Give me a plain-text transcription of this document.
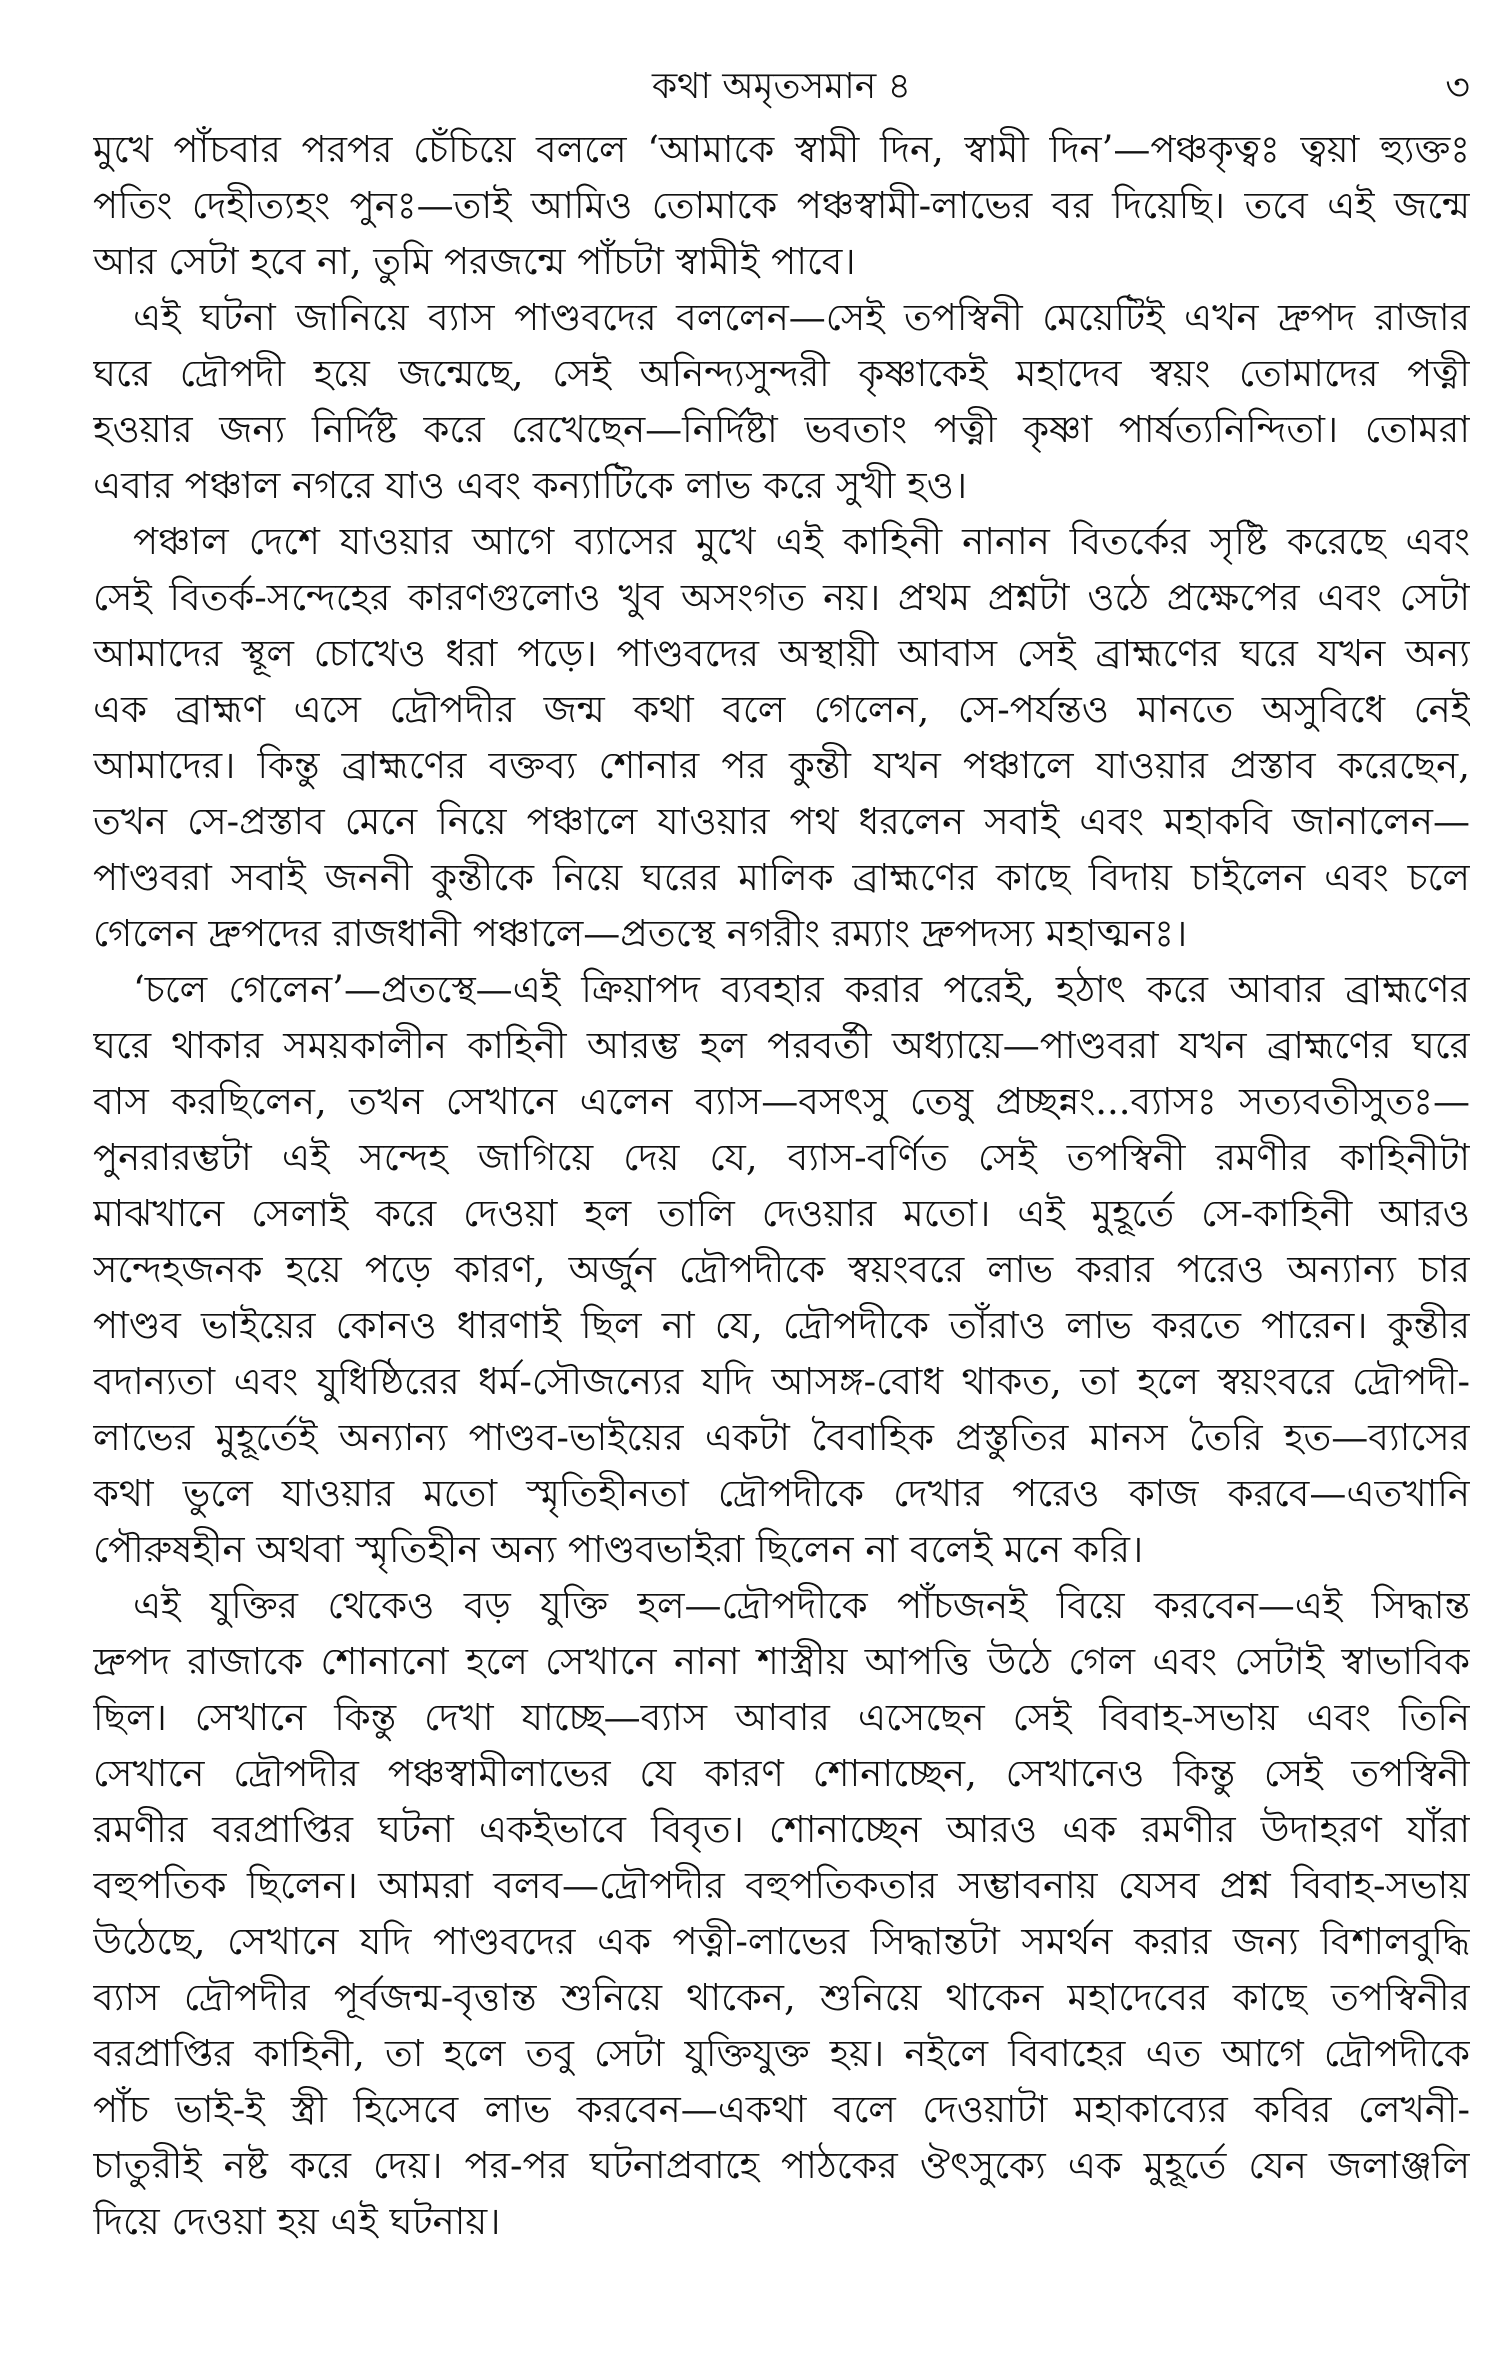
কথা অমৃতসমান ৪	৩
মুখে পাঁচবার পরপর চেঁচিয়ে বললে ‘আমাকে স্বামী দিন, স্বামী দিন’—পঞ্চকৃত্বঃ ত্বয়া হ্যুক্তঃ
পতিং দেহীত্যহং পুনঃ—তাই আমিও তোমাকে পঞ্চস্বামী-লাভের বর দিয়েছি। তবে এই জন্মে
আর সেটা হবে না, তুমি পরজন্মে পাঁচটা স্বামীই পাবে।
এই ঘটনা জানিয়ে ব্যাস পাণ্ডবদের বললেন—সেই তপস্বিনী মেয়েটিই এখন দ্রুপদ রাজার
ঘরে দ্রৌপদী হয়ে জন্মেছে, সেই অনিন্দ্যসুন্দরী কৃষ্ণাকেই মহাদেব স্বয়ং তোমাদের পত্নী
হওয়ার জন্য নির্দিষ্ট করে রেখেছেন—নির্দিষ্টা ভবতাং পত্নী কৃষ্ণা পার্ষত্যনিন্দিতা। তোমরা
এবার পঞ্চাল নগরে যাও এবং কন্যাটিকে লাভ করে সুখী হও।
পঞ্চাল দেশে যাওয়ার আগে ব্যাসের মুখে এই কাহিনী নানান বিতর্কের সৃষ্টি করেছে এবং
সেই বিতর্ক-সন্দেহের কারণগুলোও খুব অসংগত নয়। প্রথম প্রশ্নটা ওঠে প্রক্ষেপের এবং সেটা
আমাদের স্থূল চোখেও ধরা পড়ে। পাণ্ডবদের অস্থায়ী আবাস সেই ব্রাহ্মণের ঘরে যখন অন্য
এক ব্রাহ্মণ এসে দ্রৌপদীর জন্ম কথা বলে গেলেন, সে-পর্যন্তও মানতে অসুবিধে নেই
আমাদের। কিন্তু ব্রাহ্মণের বক্তব্য শোনার পর কুন্তী যখন পঞ্চালে যাওয়ার প্রস্তাব করেছেন,
তখন সে-প্রস্তাব মেনে নিয়ে পঞ্চালে যাওয়ার পথ ধরলেন সবাই এবং মহাকবি জানালেন—
পাণ্ডবরা সবাই জননী কুন্তীকে নিয়ে ঘরের মালিক ব্রাহ্মণের কাছে বিদায় চাইলেন এবং চলে
গেলেন দ্রুপদের রাজধানী পঞ্চালে—প্রতস্থে নগরীং রম্যাং দ্রুপদস্য মহাত্মনঃ।
‘চলে গেলেন’—প্রতস্থে—এই ক্রিয়াপদ ব্যবহার করার পরেই, হঠাৎ করে আবার ব্রাহ্মণের
ঘরে থাকার সময়কালীন কাহিনী আরম্ভ হল পরবর্তী অধ্যায়ে—পাণ্ডবরা যখন ব্রাহ্মণের ঘরে
বাস করছিলেন, তখন সেখানে এলেন ব্যাস—বসৎসু তেষু প্রচ্ছন্নং...ব্যাসঃ সত্যবতীসুতঃ—
পুনরারম্ভটা এই সন্দেহ জাগিয়ে দেয় যে, ব্যাস-বর্ণিত সেই তপস্বিনী রমণীর কাহিনীটা
মাঝখানে সেলাই করে দেওয়া হল তালি দেওয়ার মতো। এই মুহূর্তে সে-কাহিনী আরও
সন্দেহজনক হয়ে পড়ে কারণ, অর্জুন দ্রৌপদীকে স্বয়ংবরে লাভ করার পরেও অন্যান্য চার
পাণ্ডব ভাইয়ের কোনও ধারণাই ছিল না যে, দ্রৌপদীকে তাঁরাও লাভ করতে পারেন। কুন্তীর
বদান্যতা এবং যুধিষ্ঠিরের ধর্ম-সৌজন্যের যদি আসঙ্গ-বোধ থাকত, তা হলে স্বয়ংবরে দ্রৌপদী-
লাভের মুহূর্তেই অন্যান্য পাণ্ডব-ভাইয়ের একটা বৈবাহিক প্রস্তুতির মানস তৈরি হত—ব্যাসের
কথা ভুলে যাওয়ার মতো স্মৃতিহীনতা দ্রৌপদীকে দেখার পরেও কাজ করবে—এতখানি
পৌরুষহীন অথবা স্মৃতিহীন অন্য পাণ্ডবভাইরা ছিলেন না বলেই মনে করি।
এই যুক্তির থেকেও বড় যুক্তি হল—দ্রৌপদীকে পাঁচজনই বিয়ে করবেন—এই সিদ্ধান্ত
দ্রুপদ রাজাকে শোনানো হলে সেখানে নানা শাস্ত্রীয় আপত্তি উঠে গেল এবং সেটাই স্বাভাবিক
ছিল। সেখানে কিন্তু দেখা যাচ্ছে—ব্যাস আবার এসেছেন সেই বিবাহ-সভায় এবং তিনি
সেখানে দ্রৌপদীর পঞ্চস্বামীলাভের যে কারণ শোনাচ্ছেন, সেখানেও কিন্তু সেই তপস্বিনী
রমণীর বরপ্রাপ্তির ঘটনা একইভাবে বিবৃত। শোনাচ্ছেন আরও এক রমণীর উদাহরণ যাঁরা
বহুপতিক ছিলেন। আমরা বলব—দ্রৌপদীর বহুপতিকতার সম্ভাবনায় যেসব প্রশ্ন বিবাহ-সভায়
উঠেছে, সেখানে যদি পাণ্ডবদের এক পত্নী-লাভের সিদ্ধান্তটা সমর্থন করার জন্য বিশালবুদ্ধি
ব্যাস দ্রৌপদীর পূর্বজন্ম-বৃত্তান্ত শুনিয়ে থাকেন, শুনিয়ে থাকেন মহাদেবের কাছে তপস্বিনীর
বরপ্রাপ্তির কাহিনী, তা হলে তবু সেটা যুক্তিযুক্ত হয়। নইলে বিবাহের এত আগে দ্রৌপদীকে
পাঁচ ভাই-ই স্ত্রী হিসেবে লাভ করবেন—একথা বলে দেওয়াটা মহাকাব্যের কবির লেখনী-
চাতুরীই নষ্ট করে দেয়। পর-পর ঘটনাপ্রবাহে পাঠকের ঔৎসুক্যে এক মুহূর্তে যেন জলাঞ্জলি
দিয়ে দেওয়া হয় এই ঘটনায়।
